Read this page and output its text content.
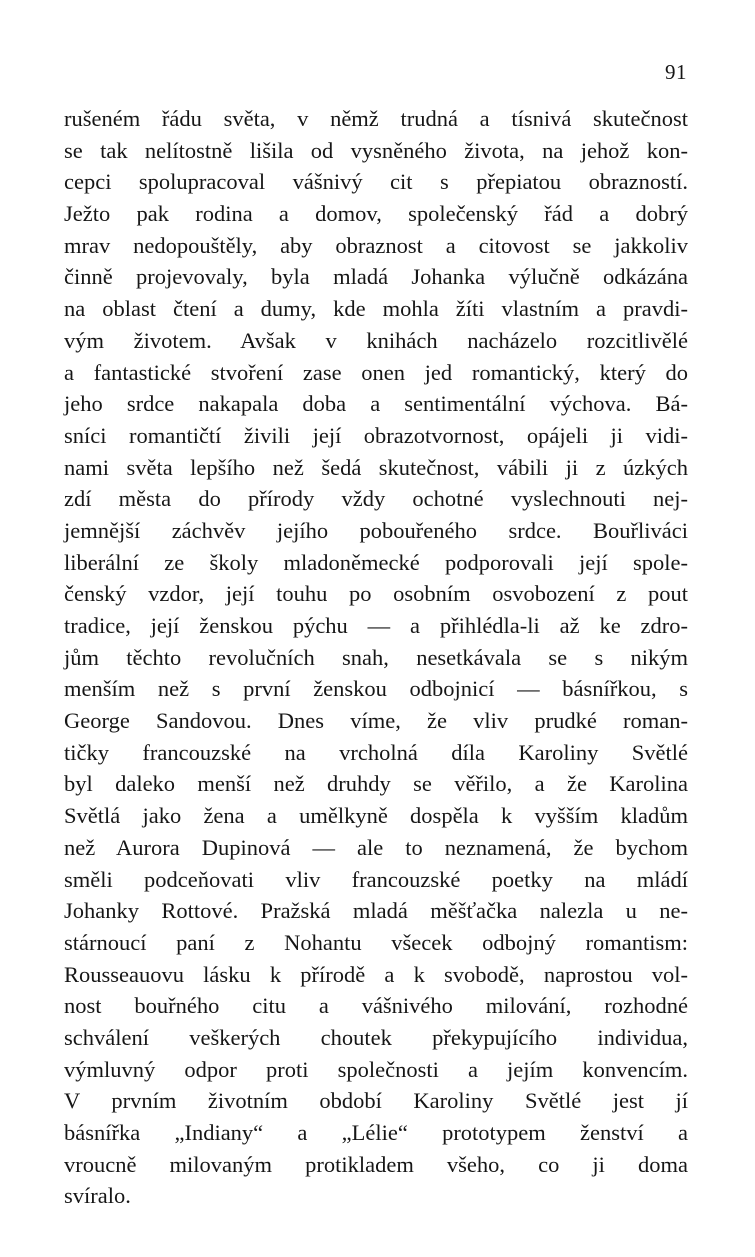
91
rušeném řádu světa, v němž trudná a tísnivá skutečnost
se tak nelítostně lišila od vysněného života, na jehož kon-
cepci spolupracoval vášnivý cit s přepiatou obrazností.
Ježto pak rodina a domov, společenský řád a dobrý
mrav nedopouštěly, aby obraznost a citovost se jakkoliv
činně projevovaly, byla mladá Johanka výlučně odkázána
na oblast čtení a dumy, kde mohla žíti vlastním a pravdi-
vým životem. Avšak v knihách nacházelo rozcitlivělé
a fantastické stvoření zase onen jed romantický, který do
jeho srdce nakapala doba a sentimentální výchova. Bá-
sníci romantičtí živili její obrazotvornost, opájeli ji vidi-
nami světa lepšího než šedá skutečnost, vábili ji z úzkých
zdí města do přírody vždy ochotné vyslechnouti nej-
jemnější záchvěv jejího pobouřeného srdce. Bouřliváci
liberální ze školy mladoněmecké podporovali její spole-
čenský vzdor, její touhu po osobním osvobození z pout
tradice, její ženskou pýchu — a přihlédla-li až ke zdro-
jům těchto revolučních snah, nesetkávala se s nikým
menším než s první ženskou odbojnicí — básnířkou, s
George Sandovou. Dnes víme, že vliv prudké roman-
tičky francouzské na vrcholná díla Karoliny Světlé
byl daleko menší než druhdy se věřilo, a že Karolina
Světlá jako žena a umělkyně dospěla k vyšším kladům
než Aurora Dupinová — ale to neznamená, že bychom
směli podceňovati vliv francouzské poetky na mládí
Johanky Rottové. Pražská mladá měšťačka nalezla u ne-
stárnoucí paní z Nohantu všecek odbojný romantism:
Rousseauovu lásku k přírodě a k svobodě, naprostou vol-
nost bouřného citu a vášnivého milování, rozhodné
schválení veškerých choutek překypujícího individua,
výmluvný odpor proti společnosti a jejím konvencím.
V prvním životním období Karoliny Světlé jest jí
básnířka „Indiany“ a „Lélie“ prototypem ženství a
vroucně milovaným protikladem všeho, co ji doma
svíralo.
